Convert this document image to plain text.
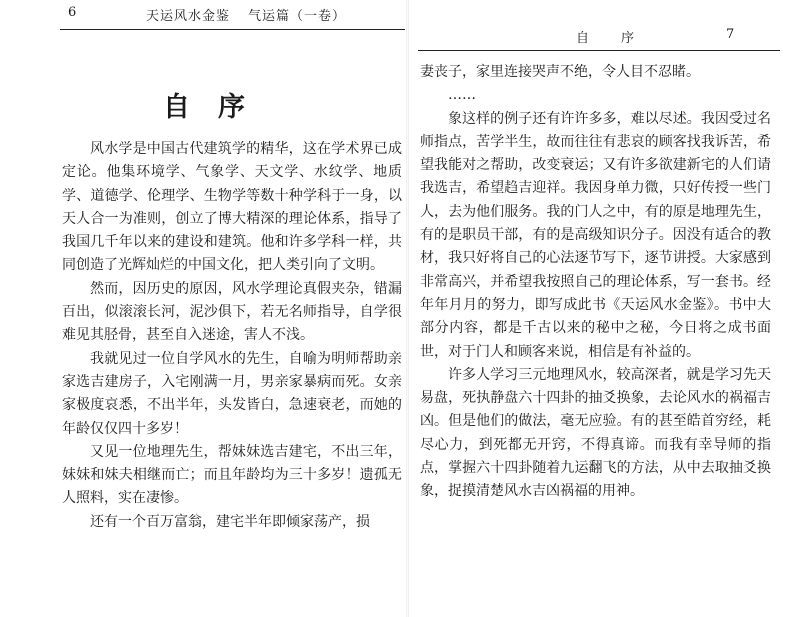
6	天运风水金鉴 气运篇（一卷）
自序

风水学是中国古代建筑学的精华，这在学术界已成定论。他集环境学、气象学、天文学、水纹学、地质学、道德学、伦理学、生物学等数十种学科于一身，以天人合一为准则，创立了博大精深的理论体系，指导了我国几千年以来的建设和建筑。他和许多学科一样，共同创造了光辉灿烂的中国文化，把人类引向了文明。

然而，因历史的原因，风水学理论真假夹杂，错漏百出，似滚滚长河，泥沙俱下，若无名师指导，自学很难见其胫骨，甚至自入迷途，害人不浅。

我就见过一位自学风水的先生，自喻为明师帮助亲家选吉建房子，入宅刚满一月，男亲家暴病而死。女亲家极度哀悉，不出半年，头发皆白，急速衰老，而她的年龄仅仅四十多岁！

又见一位地理先生，帮妹妹选吉建宅，不出三年，妹妹和妹夫相继而亡；而且年龄均为三十多岁！遗孤无人照料，实在凄惨。

还有一个百万富翁，建宅半年即倾家荡产，损

自　　序	7

妻丧子，家里连接哭声不绝，令人目不忍睹。

……

象这样的例子还有许许多多，难以尽述。我因受过名师指点，苦学半生，故而往往有悲哀的顾客找我诉苦，希望我能对之帮助，改变衰运；又有许多欲建新宅的人们请我选吉，希望趋吉迎祥。我因身单力微，只好传授一些门人，去为他们服务。我的门人之中，有的原是地理先生，有的是职员干部，有的是高级知识分子。因没有适合的教材，我只好将自己的心法逐节写下，逐节讲授。大家感到非常高兴，并希望我按照自己的理论体系，写一套书。经年年月月的努力，即写成此书《天运风水金鉴》。书中大部分内容，都是千古以来的秘中之秘，今日将之成书面世，对于门人和顾客来说，相信是有补益的。

许多人学习三元地理风水，较高深者，就是学习先天易盘，死执静盘六十四卦的抽爻换象，去论风水的祸福吉凶。但是他们的做法，毫无应验。有的甚至皓首穷经，耗尽心力，到死都无开窍，不得真谛。而我有幸导师的指点，掌握六十四卦随着九运翻飞的方法，从中去取抽爻换象，捉摸清楚风水吉凶祸福的用神。
